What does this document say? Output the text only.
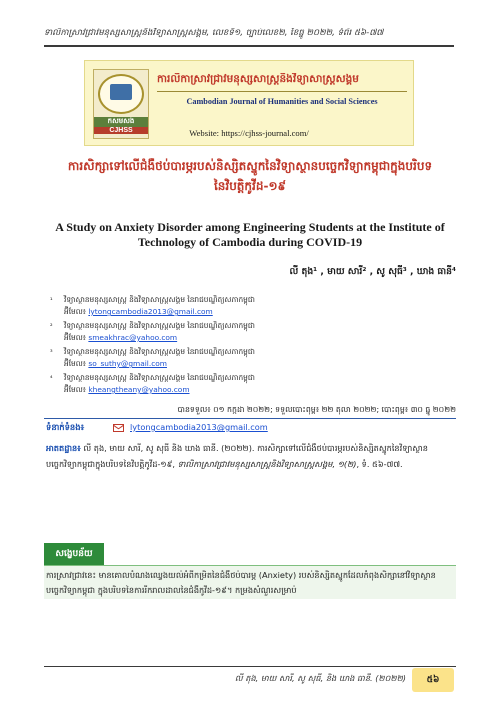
ទាលិកាស្រាវជ្រាវមនុស្សសាស្ត្រនិងវិទ្យាសាស្ត្រសង្គម, លេខទី១, ច្បាប់លេខ២, ខែធ្នូ ២០២២, ទំព័រ ៥៦-៧៧
កសមសង
CJHSS
ការលិកាស្រាវជ្រាវមនុស្សសាស្ត្រនិងវិទ្យាសាស្ត្រសង្គម
Cambodian Journal of Humanities and Social Sciences
Website: https://cjhss-journal.com/
ការសិក្សាទៅលើជំងឺថប់បារម្ភរបស់និស្សិតស្នូកនៃវិទ្យាស្ថានបច្ចេកវិទ្យាកម្ពុជាក្នុងបរិបទនៃវិបត្តិកូវីដ-១៩
A Study on Anxiety Disorder among Engineering Students at the Institute of Technology of Cambodia during COVID-19
លី តុង¹ , មាយ សារី² , សូ សុធី³ , ឃាង ធានី⁴
¹ វិទ្យាស្ថានមនុស្សសាស្ត្រ និងវិទ្យាសាស្ត្រសង្គម នៃរាជបណ្ឌិត្យសភាកម្ពុជា
អ៊ីមែល៖ lytongcambodia2013@gmail.com
² វិទ្យាស្ថានមនុស្សសាស្ត្រ និងវិទ្យាសាស្ត្រសង្គម នៃរាជបណ្ឌិត្យសភាកម្ពុជា
អ៊ីមែល៖ smeakhrac@yahoo.com
³ វិទ្យាស្ថានមនុស្សសាស្ត្រ និងវិទ្យាសាស្ត្រសង្គម នៃរាជបណ្ឌិត្យសភាកម្ពុជា
អ៊ីមែល៖ so_suthy@gmail.com
⁴ វិទ្យាស្ថានមនុស្សសាស្ត្រ និងវិទ្យាសាស្ត្រសង្គម នៃរាជបណ្ឌិត្យសភាកម្ពុជា
អ៊ីមែល៖ kheangtheany@yahoo.com
បានទទួល៖ ០១ កក្កដា ២០២២; ទទួលបោះពុម្ព៖ ២២ តុលា ២០២២; បោះពុម្ព៖ ៣០ ធ្នូ ២០២២
ទំនាក់ទំនង៖	lytongcambodia2013@gmail.com
អាតតដ្ឋាន៖ លី តុង, មាយ សារី, សូ សុធី និង ឃាង ធានី. (២០២២). ការសិក្សាទៅលើជំងឺថប់បារម្ភរបស់និស្សិតស្នូកនៃវិទ្យាស្ថានបច្ចេកវិទ្យាកម្ពុជាក្នុងបរិបទនៃវិបត្តិកូវីដ-១៩, ទាលិកាស្រាវជ្រាវមនុស្សសាស្ត្រនិងវិទ្យាសាស្ត្រសង្គម, ១(២), ទំ. ៥៦-៧៧.
សង្ខេបន័យ
ការស្រាវជ្រាវនេះ មានគោលបំណងឈ្វេងយល់អំពីកម្រិតនៃជំងឺថប់បារម្ភ (Anxiety) របស់និស្សិតស្នូកដែលកំពុងសិក្សានៅវិទ្យាស្ថានបច្ចេកវិទ្យាកម្ពុជា ក្នុងបរិបទនៃការរីករាលដាលនៃជំងឺកូវីដ-១៩។ កម្រងសំណួរសម្រាប់
លី តុង, មាយ សារី, សូ សុធី, និង ឃាង ធានី. (២០២២)	៥៦
